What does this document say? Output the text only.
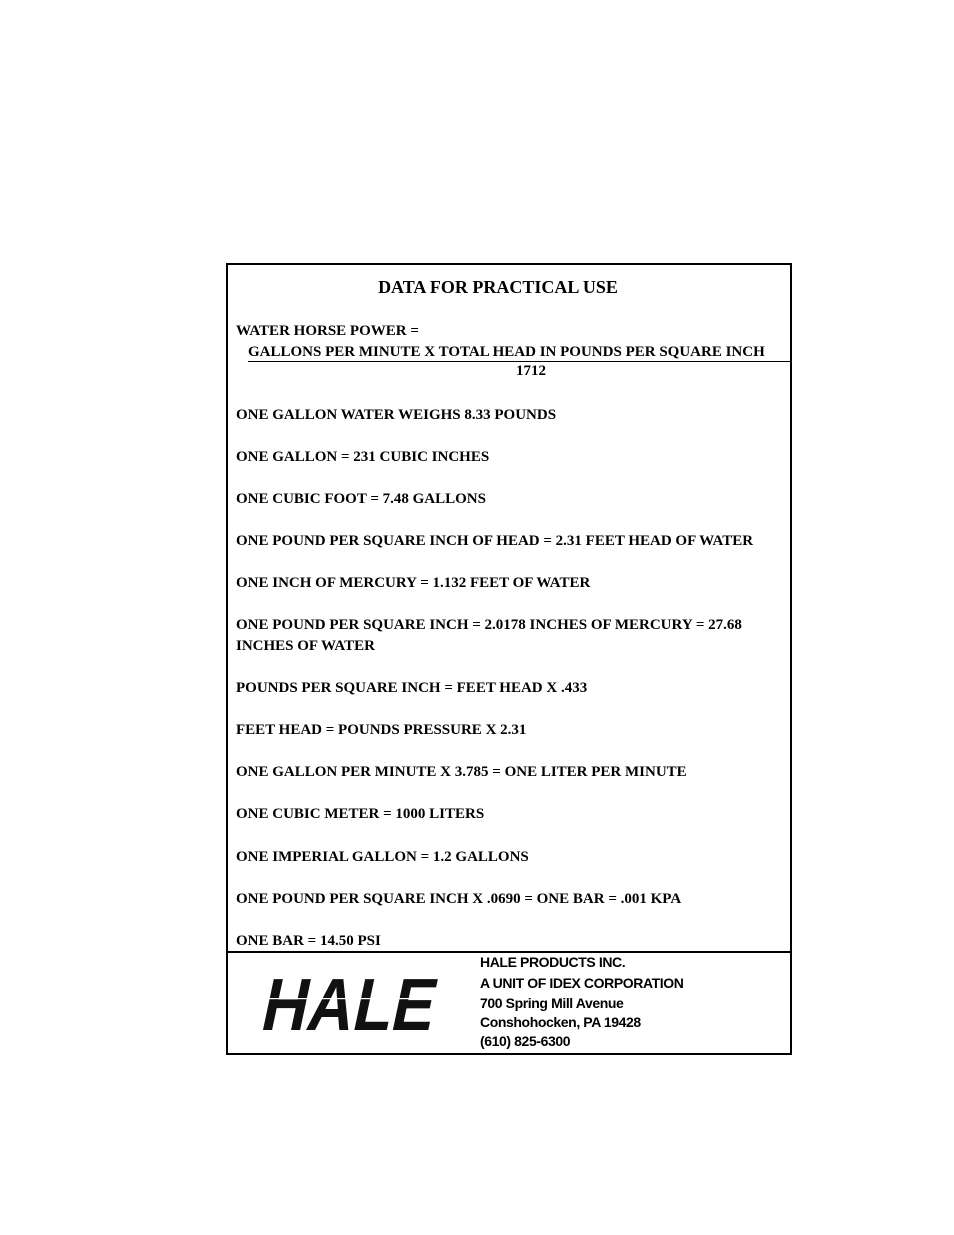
DATA FOR PRACTICAL USE
WATER HORSE POWER =
GALLONS PER MINUTE X TOTAL HEAD IN POUNDS PER SQUARE INCH
1712
ONE GALLON WATER WEIGHS 8.33 POUNDS
ONE GALLON = 231 CUBIC INCHES
ONE CUBIC FOOT = 7.48 GALLONS
ONE POUND PER SQUARE INCH OF HEAD = 2.31 FEET HEAD OF WATER
ONE INCH OF MERCURY = 1.132 FEET OF WATER
ONE POUND PER SQUARE INCH = 2.0178 INCHES OF MERCURY = 27.68 INCHES OF WATER
POUNDS PER SQUARE INCH = FEET HEAD X .433
FEET HEAD = POUNDS PRESSURE X 2.31
ONE GALLON PER MINUTE X 3.785 = ONE LITER PER MINUTE
ONE CUBIC METER = 1000 LITERS
ONE IMPERIAL GALLON = 1.2 GALLONS
ONE POUND PER SQUARE INCH X .0690 = ONE BAR = .001 KPA
ONE BAR = 14.50 PSI
HALE
HALE PRODUCTS INC.
A UNIT OF IDEX CORPORATION
700 Spring Mill Avenue
Conshohocken, PA 19428
(610) 825-6300
